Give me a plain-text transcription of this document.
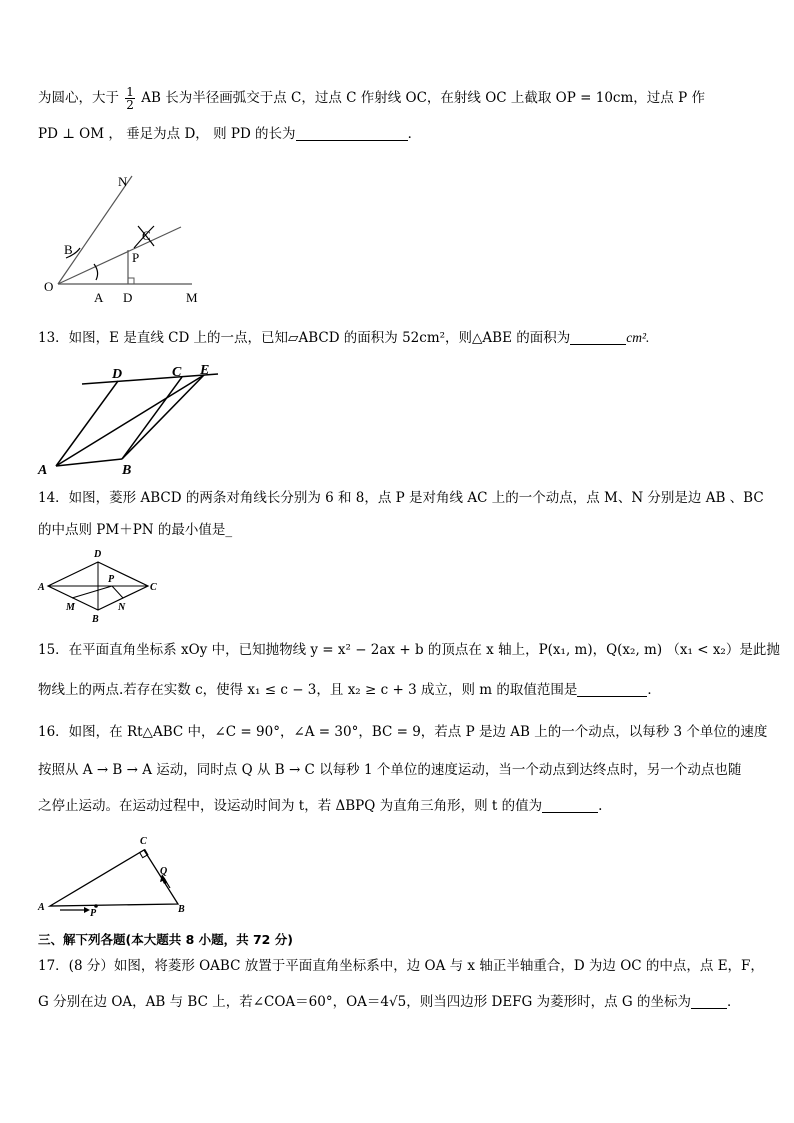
为圆心，大于 $\frac{1}{2}$ AB 长为半径画弧交于点 C，过点 C 作射线 OC，在射线 OC 上截取 OP = 10cm，过点 P 作
PD ⊥ OM ， 垂足为点 D， 则 PD 的长为	．
N
B
C
P
O
A D	M
13．如图，E 是直线 CD 上的一点，已知▱ABCD 的面积为 52cm²，则△ABE 的面积为	cm².
D	C E
A	B
14．如图，菱形 ABCD 的两条对角线长分别为 6 和 8，点 P 是对角线 AC 上的一个动点，点 M、N 分别是边 AB 、BC
的中点则 PM＋PN 的最小值是_
D
A
P
C
M	N
B
15．在平面直角坐标系 xOy 中，已知抛物线 y = x² − 2ax + b 的顶点在 x 轴上，P(x₁, m)，Q(x₂, m) （x₁ < x₂）是此抛
物线上的两点.若存在实数 c，使得 x₁ ≤ c − 3，且 x₂ ≥ c + 3 成立，则 m 的取值范围是	．
16．如图，在 Rt△ABC 中，∠C = 90°，∠A = 30°，BC = 9，若点 P 是边 AB 上的一个动点，以每秒 3 个单位的速度
按照从 A → B → A 运动，同时点 Q 从 B → C 以每秒 1 个单位的速度运动，当一个动点到达终点时，另一个动点也随
之停止运动。在运动过程中，设运动时间为 t，若 ΔBPQ 为直角三角形，则 t 的值为	.
C
Q
A
P	B
三、解下列各题(本大题共 8 小题，共 72 分)
17．(8 分）如图，将菱形 OABC 放置于平面直角坐标系中，边 OA 与 x 轴正半轴重合，D 为边 OC 的中点，点 E，F，
G 分别在边 OA，AB 与 BC 上，若∠COA＝60°，OA＝4√5，则当四边形 DEFG 为菱形时，点 G 的坐标为	．
